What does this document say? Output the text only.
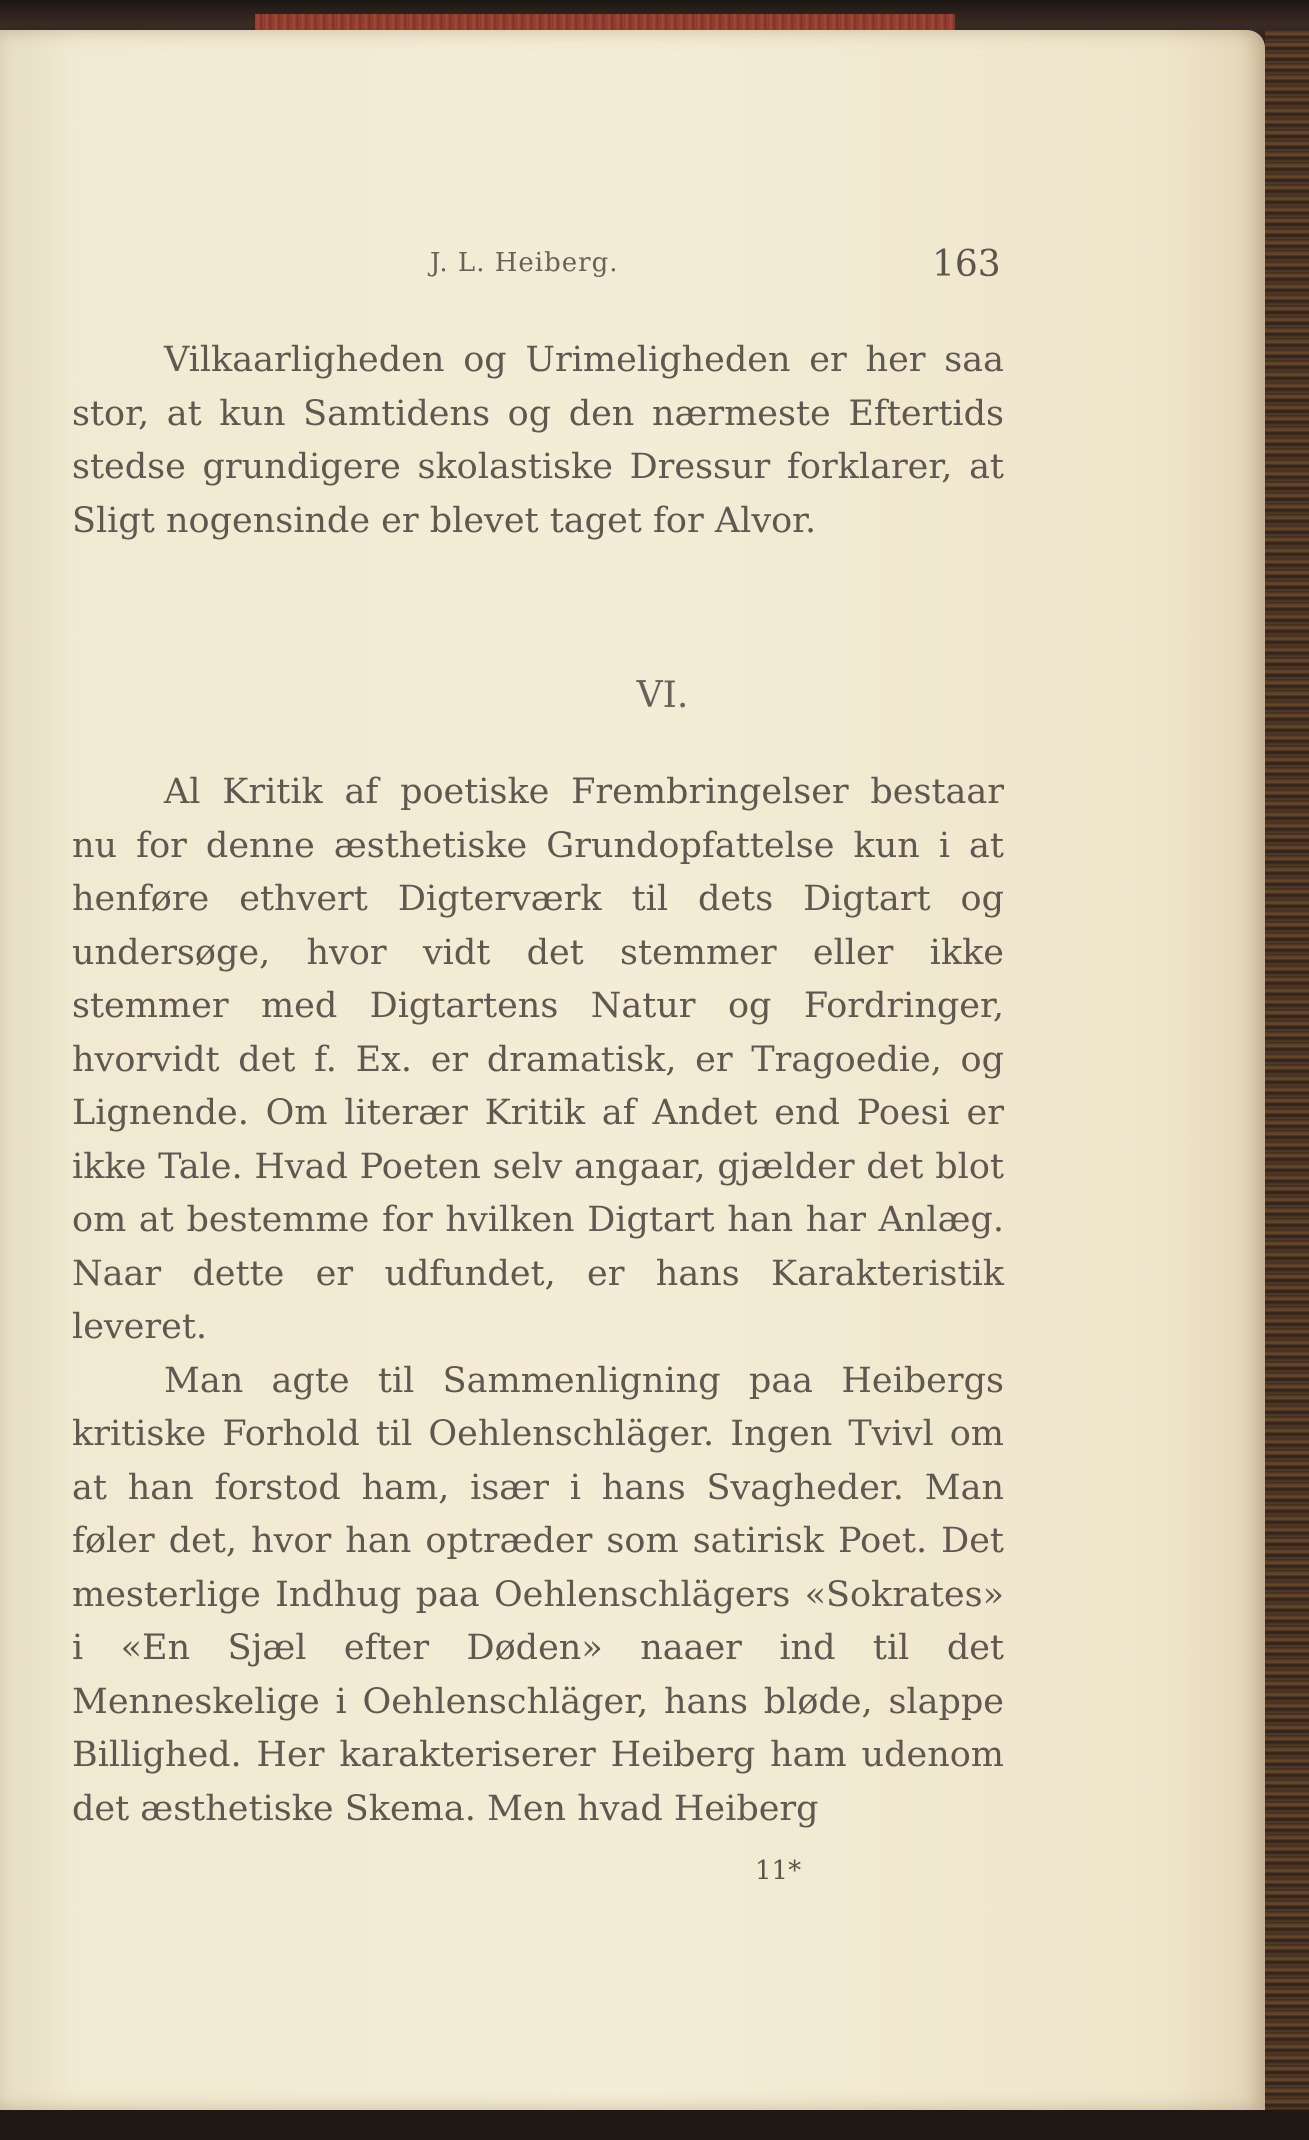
J. L. Heiberg.	163

Vilkaarligheden og Urimeligheden er her saa stor, at kun Samtidens og den nærmeste Eftertids stedse grundigere skolastiske Dressur forklarer, at Sligt nogensinde er blevet taget for Alvor.

VI.

Al Kritik af poetiske Frembringelser bestaar nu for denne æsthetiske Grundopfattelse kun i at henføre ethvert Digterværk til dets Digtart og undersøge, hvor vidt det stemmer eller ikke stemmer med Digtartens Natur og Fordringer, hvorvidt det f. Ex. er dramatisk, er Tragoedie, og Lignende. Om literær Kritik af Andet end Poesi er ikke Tale. Hvad Poeten selv angaar, gjælder det blot om at bestemme for hvilken Digtart han har Anlæg. Naar dette er udfundet, er hans Karakteristik leveret.

Man agte til Sammenligning paa Heibergs kritiske Forhold til Oehlenschläger. Ingen Tvivl om at han forstod ham, især i hans Svagheder. Man føler det, hvor han optræder som satirisk Poet. Det mesterlige Indhug paa Oehlenschlägers «Sokrates» i «En Sjæl efter Døden» naaer ind til det Menneskelige i Oehlenschläger, hans bløde, slappe Billighed. Her karakteriserer Heiberg ham udenom det æsthetiske Skema. Men hvad Heiberg

11*
